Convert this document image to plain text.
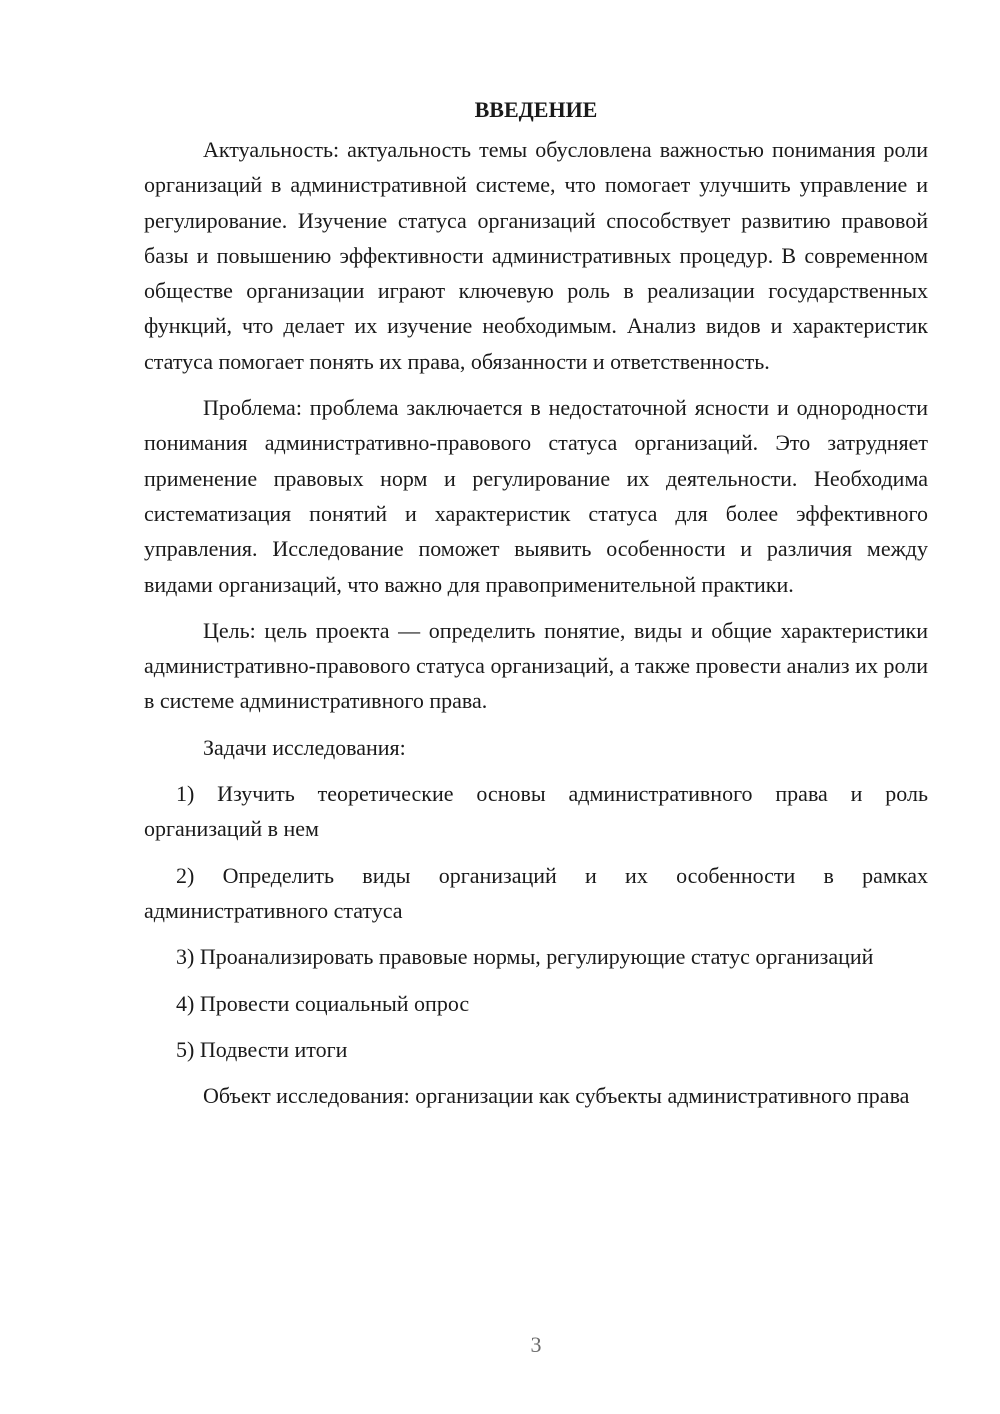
ВВЕДЕНИЕ

Актуальность: актуальность темы обусловлена важностью понимания роли организаций в административной системе, что помогает улучшить управление и регулирование. Изучение статуса организаций способствует развитию правовой базы и повышению эффективности административных процедур. В современном обществе организации играют ключевую роль в реализации государственных функций, что делает их изучение необходимым. Анализ видов и характеристик статуса помогает понять их права, обязанности и ответственность.

Проблема: проблема заключается в недостаточной ясности и однородности понимания административно-правового статуса организаций. Это затрудняет применение правовых норм и регулирование их деятельности. Необходима систематизация понятий и характеристик статуса для более эффективного управления. Исследование поможет выявить особенности и различия между видами организаций, что важно для правоприменительной практики.

Цель: цель проекта — определить понятие, виды и общие характеристики административно-правового статуса организаций, а также провести анализ их роли в системе административного права.

Задачи исследования:

1) Изучить теоретические основы административного права и роль организаций в нем

2) Определить виды организаций и их особенности в рамках административного статуса

3) Проанализировать правовые нормы, регулирующие статус организаций

4) Провести социальный опрос

5) Подвести итоги

Объект исследования: организации как субъекты административного права

3
